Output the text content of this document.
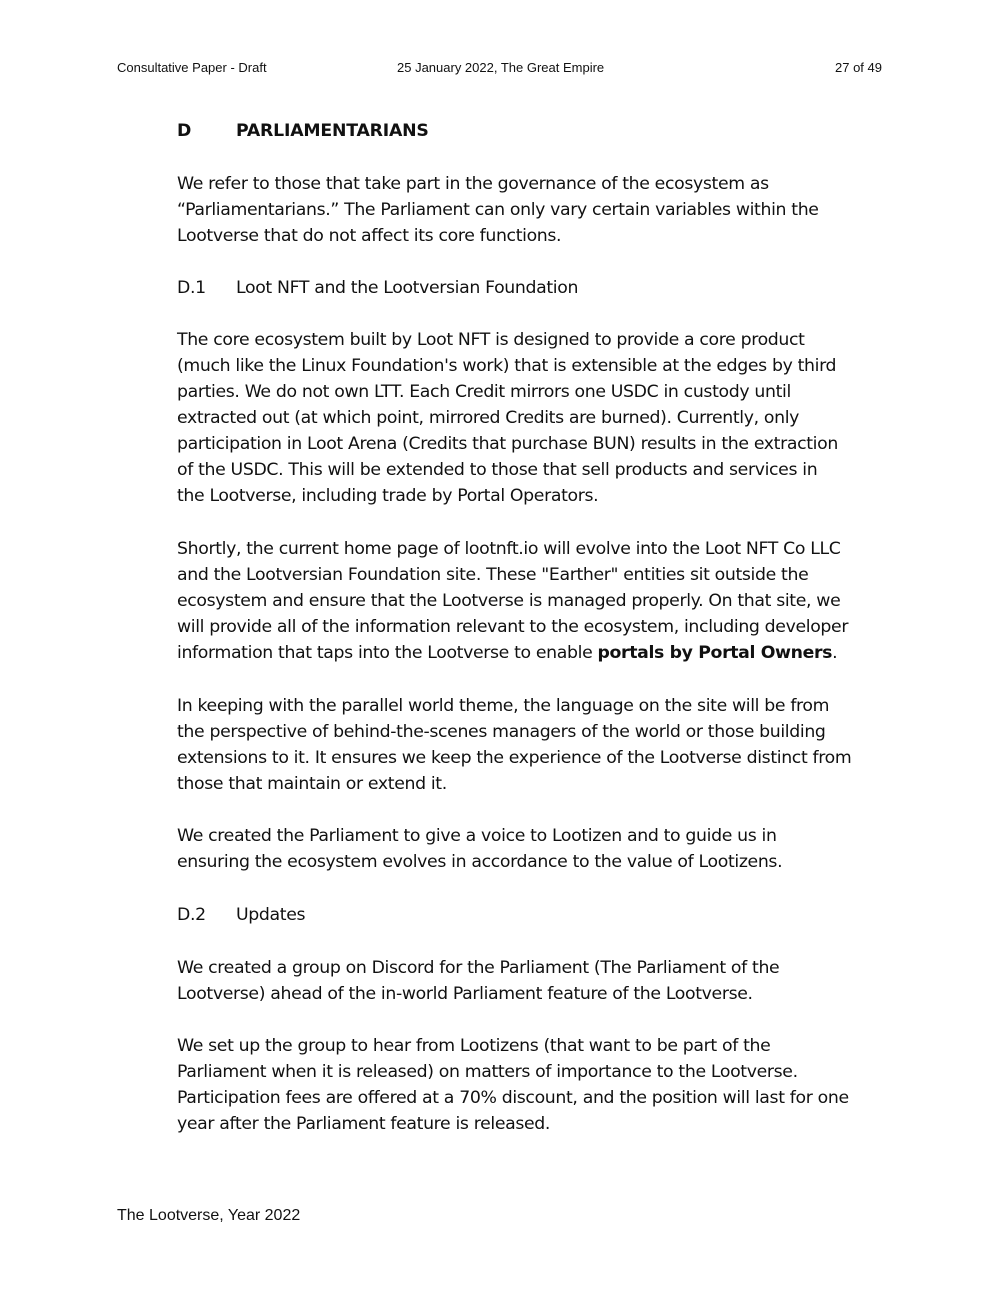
Consultative Paper - Draft	25 January 2022, The Great Empire	27 of 49
D	PARLIAMENTARIANS
We refer to those that take part in the governance of the ecosystem as
“Parliamentarians.” The Parliament can only vary certain variables within the
Lootverse that do not affect its core functions.
D.1 Loot NFT and the Lootversian Foundation
The core ecosystem built by Loot NFT is designed to provide a core product
(much like the Linux Foundation's work) that is extensible at the edges by third
parties. We do not own LTT. Each Credit mirrors one USDC in custody until
extracted out (at which point, mirrored Credits are burned). Currently, only
participation in Loot Arena (Credits that purchase BUN) results in the extraction
of the USDC. This will be extended to those that sell products and services in
the Lootverse, including trade by Portal Operators.
Shortly, the current home page of lootnft.io will evolve into the Loot NFT Co LLC
and the Lootversian Foundation site. These "Earther" entities sit outside the
ecosystem and ensure that the Lootverse is managed properly. On that site, we
will provide all of the information relevant to the ecosystem, including developer
information that taps into the Lootverse to enable portals by Portal Owners.
In keeping with the parallel world theme, the language on the site will be from
the perspective of behind-the-scenes managers of the world or those building
extensions to it. It ensures we keep the experience of the Lootverse distinct from
those that maintain or extend it.
We created the Parliament to give a voice to Lootizen and to guide us in
ensuring the ecosystem evolves in accordance to the value of Lootizens.
D.2 Updates
We created a group on Discord for the Parliament (The Parliament of the
Lootverse) ahead of the in-world Parliament feature of the Lootverse.
We set up the group to hear from Lootizens (that want to be part of the
Parliament when it is released) on matters of importance to the Lootverse.
Participation fees are offered at a 70% discount, and the position will last for one
year after the Parliament feature is released.
The Lootverse, Year 2022
